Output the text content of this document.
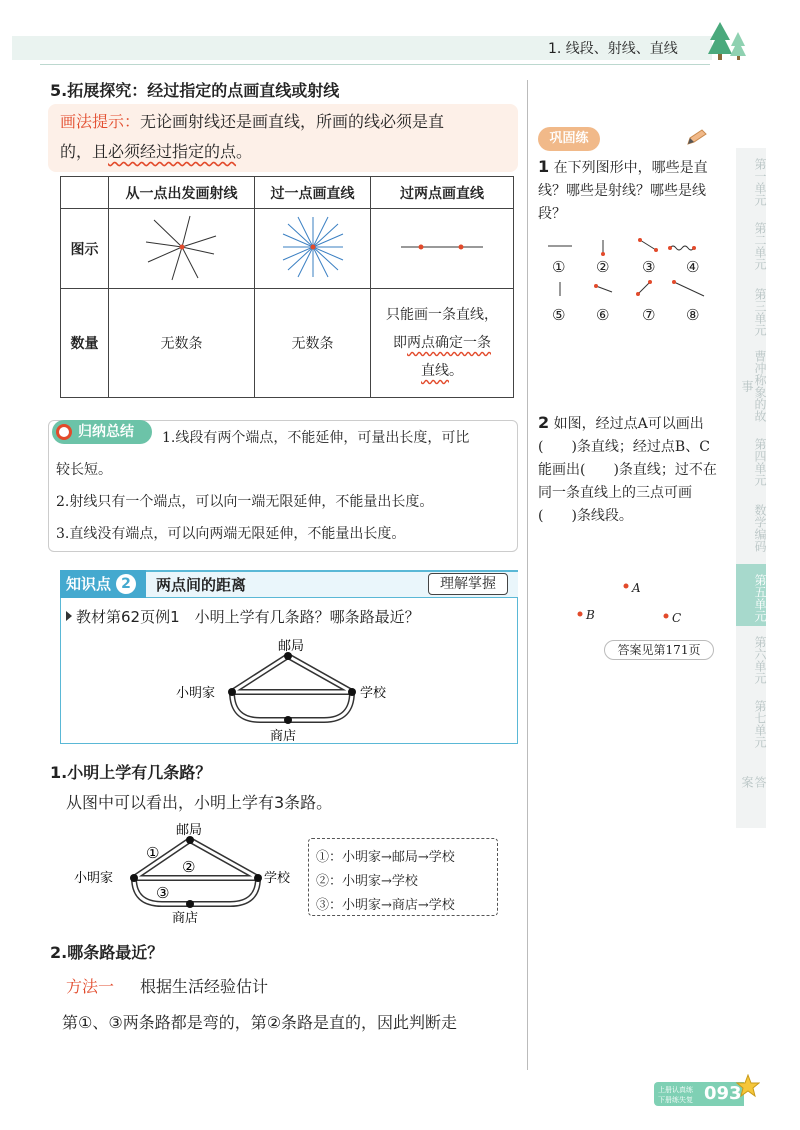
1. 线段、射线、直线
5.拓展探究：经过指定的点画直线或射线
画法提示：无论画射线还是画直线，所画的线必须是直
的，且必须经过指定的点。
	从一点出发画射线	过一点画直线	过两点画直线
图示			
数量	无数条	无数条	只能画一条直线，
即两点确定一条
直线。
归纳总结	1.线段有两个端点，不能延伸，可量出长度，可比
较长短。
2.射线只有一个端点，可以向一端无限延伸，不能量出长度。
3.直线没有端点，可以向两端无限延伸，不能量出长度。
知识点 2	两点间的距离	理解掌握
教材第62页例1　小明上学有几条路？哪条路最近？
邮局
小明家	学校
商店
1.小明上学有几条路？
从图中可以看出，小明上学有3条路。
①
②
③
邮局
小明家	学校
商店
①：小明家→邮局→学校
②：小明家→学校
③：小明家→商店→学校
2.哪条路最近？
方法一 根据生活经验估计
第①、③两条路都是弯的，第②条路是直的，因此判断走
巩固练
1 在下列图形中，哪些是直线？哪些是射线？哪些是线段？
① ② ③ ④
⑤ ⑥ ⑦ ⑧
2 如图，经过点A可以画出(　　)条直线；经过点B、C能画出(　　)条直线；过不在同一条直线上的三点可画(　　)条线段。
A
B	C
答案见第171页
第一单元
第二单元
第三单元
曹冲称象的故事
第四单元
数学编码
第五单元
第六单元
第七单元
答案
上册认真练
下册练失复 093
